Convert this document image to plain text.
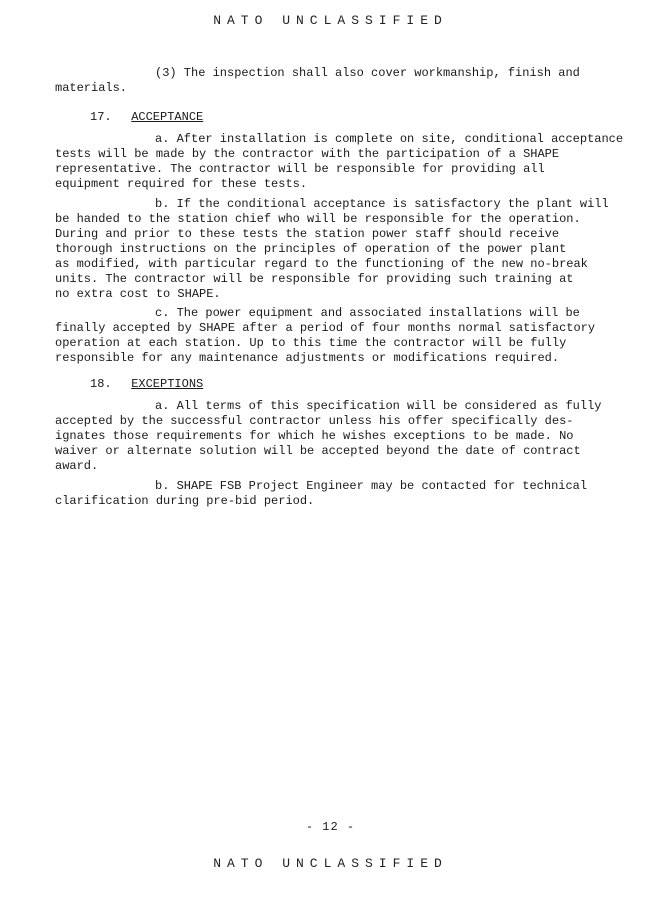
NATO UNCLASSIFIED
(3) The inspection shall also cover workmanship, finish and
materials.
17. ACCEPTANCE
a. After installation is complete on site, conditional acceptance
tests will be made by the contractor with the participation of a SHAPE
representative. The contractor will be responsible for providing all
equipment required for these tests.
b. If the conditional acceptance is satisfactory the plant will
be handed to the station chief who will be responsible for the operation.
During and prior to these tests the station power staff should receive
thorough instructions on the principles of operation of the power plant
as modified, with particular regard to the functioning of the new no-break
units. The contractor will be responsible for providing such training at
no extra cost to SHAPE.
c. The power equipment and associated installations will be
finally accepted by SHAPE after a period of four months normal satisfactory
operation at each station. Up to this time the contractor will be fully
responsible for any maintenance adjustments or modifications required.
18. EXCEPTIONS
a. All terms of this specification will be considered as fully
accepted by the successful contractor unless his offer specifically des-
ignates those requirements for which he wishes exceptions to be made. No
waiver or alternate solution will be accepted beyond the date of contract
award.
b. SHAPE FSB Project Engineer may be contacted for technical
clarification during pre-bid period.
- 12 -
NATO UNCLASSIFIED
